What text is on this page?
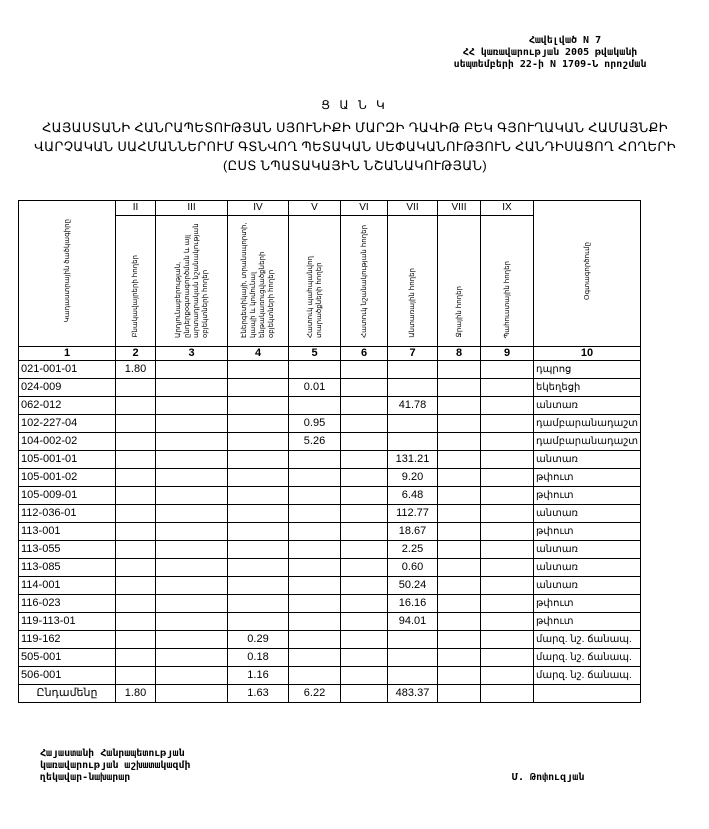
Հավելված N 7
ՀՀ կառավարության 2005 թվականի
սեպտեմբերի 22-ի N 1709-Ն որոշման
Ց Ա Ն Կ
ՀԱՅԱՍՏԱՆԻ ՀԱՆՐԱՊԵՏՈՒԹՅԱՆ ՍՅՈՒՆԻՔԻ ՄԱՐԶԻ ԴԱՎԻԹ ԲԵԿ ԳՅՈՒՂԱԿԱՆ ՀԱՄԱՅՆՔԻ
ՎԱՐՉԱԿԱՆ ՍԱՀՄԱՆՆԵՐՈՒՄ ԳՏՆՎՈՂ ՊԵՏԱԿԱՆ ՍԵՓԱԿԱՆՈՒԹՅՈՒՆ ՀԱՆԴԻՍԱՑՈՂ ՀՈՂԵՐԻ
(ԸՍՏ ՆՊԱՏԱԿԱՅԻՆ ՆՇԱՆԱԿՈՒԹՅԱՆ)
Կադաստրային ծածկագիրը	II	III	IV	V	VI	VII	VIII	IX	Օգտագործումը
	Բնակավայրերի հողեր	Արդյունաբերության, ընդերքօգտագործման և այլ արտադրական նշանակության օբյեկտների հողեր	Էներգետիկայի, տրանսպորտի, կապի և կոմունալ ենթակառուցվածքների օբյեկտների հողեր	Հատուկ պահպանվող տարածքների հողեր	Հատուկ նշանակության հողեր	Անտառային հողեր	Ջրային հողեր	Պահուստային հողեր	
1	2	3	4	5	6	7	8	9	10
021-001-01	1.80								դպրոց
024-009				0.01					եկեղեցի
062-012						41.78			անտառ
102-227-04				0.95					դամբարանադաշտ
104-002-02				5.26					դամբարանադաշտ
105-001-01						131.21			անտառ
105-001-02						9.20			թփուտ
105-009-01						6.48			թփուտ
112-036-01						112.77			անտառ
113-001						18.67			թփուտ
113-055						2.25			անտառ
113-085						0.60			անտառ
114-001						50.24			անտառ
116-023						16.16			թփուտ
119-113-01						94.01			թփուտ
119-162			0.29						մարզ. նշ. ճանապ.
505-001			0.18						մարզ. նշ. ճանապ.
506-001			1.16						մարզ. նշ. ճանապ.
Ընդամենը	1.80		1.63	6.22		483.37			
Հայաստանի Հանրապետության
կառավարության աշխատակազմի
ղեկավար-նախարար	Մ. Թոփուզյան
